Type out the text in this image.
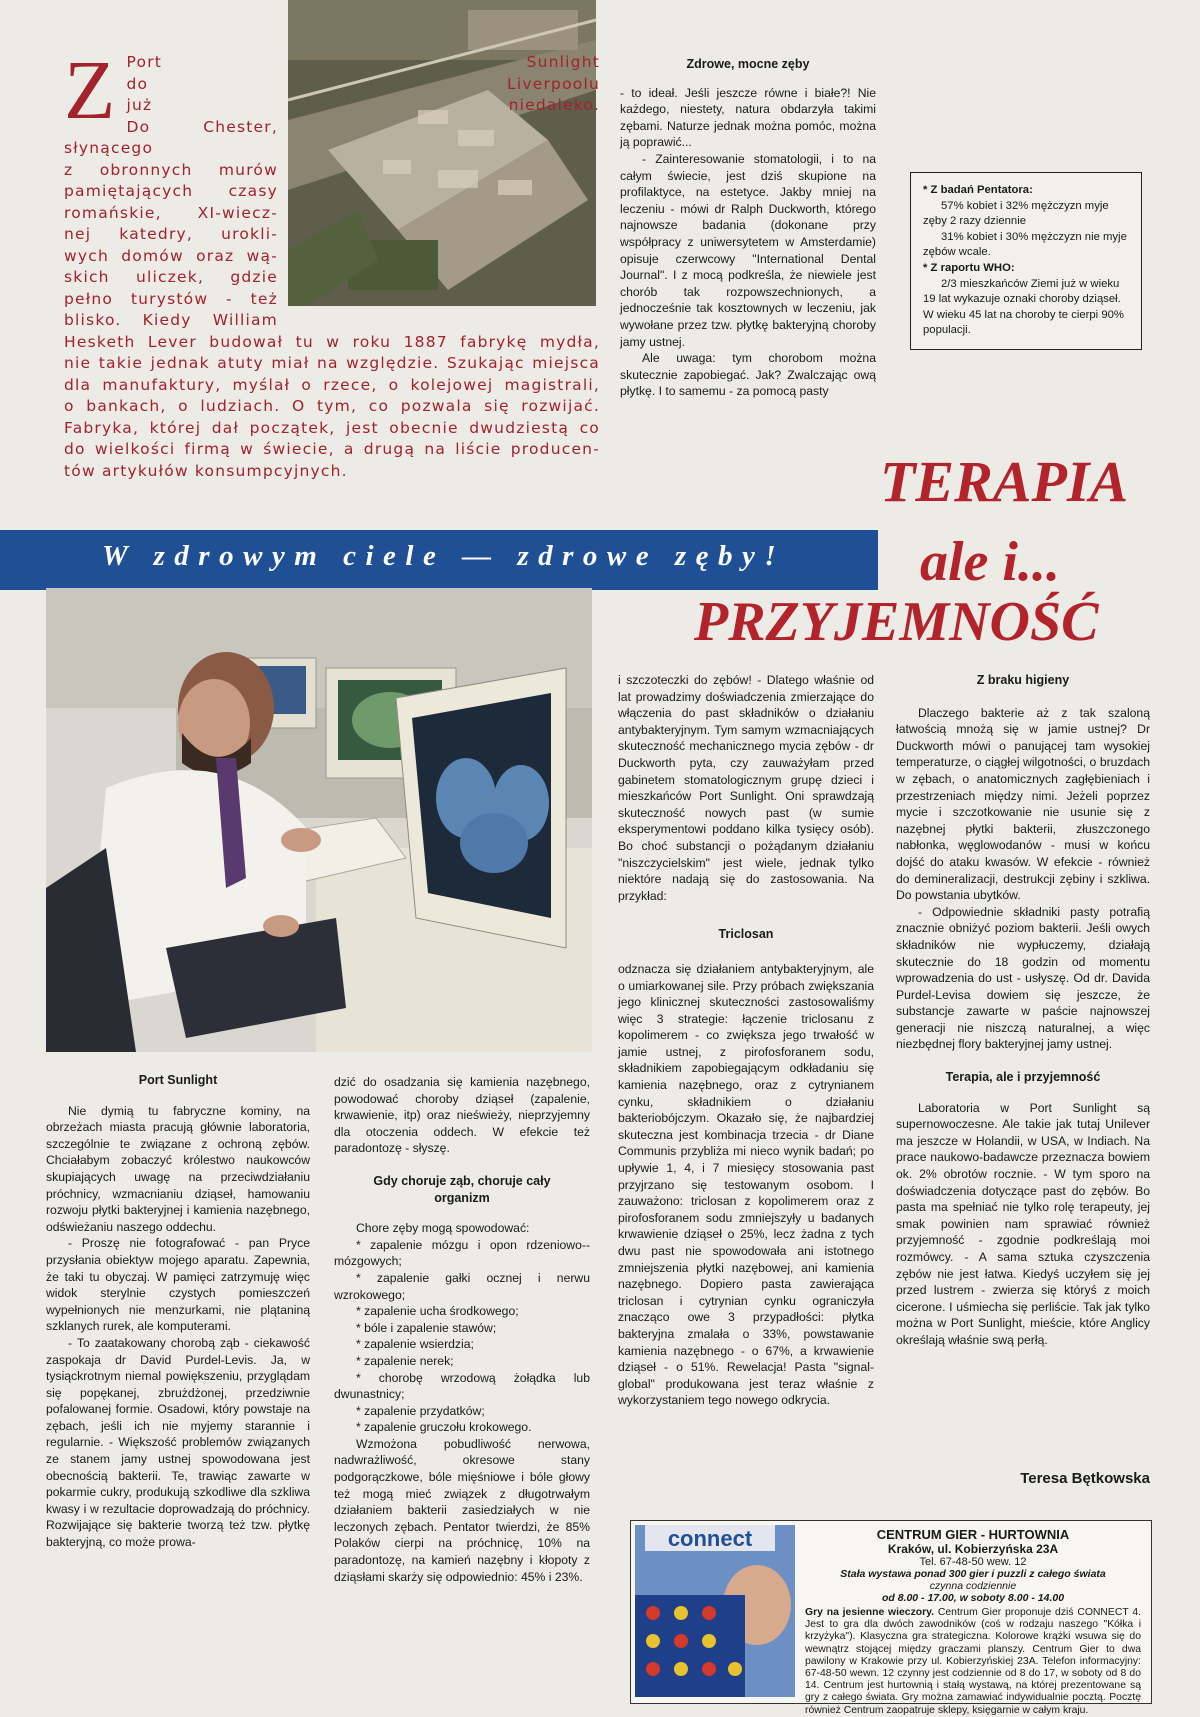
Z Port Sunlight
do Liverpoolu
już niedaleko.
Do Chester, słynącego
z obronnych murów
pamiętających czasy
romańskie, XI-wiecz-
nej katedry, urokli-
wych domów oraz wą-
skich uliczek, gdzie
pełno turystów - też
blisko. Kiedy William
Hesketh Lever budował tu w roku 1887 fabrykę mydła,
nie takie jednak atuty miał na względzie. Szukając miejsca
dla manufaktury, myślał o rzece, o kolejowej magistrali,
o bankach, o ludziach. O tym, co pozwala się rozwijać.
Fabryka, której dał początek, jest obecnie dwudziestą co
do wielkości firmą w świecie, a drugą na liście producen-
tów artykułów konsumpcyjnych.

Zdrowe, mocne zęby

- to ideał. Jeśli jeszcze równe i białe?! Nie każdego, niestety, natura obdarzyła takimi zębami. Naturze jednak można pomóc, można ją poprawić...

- Zainteresowanie stomatologii, i to na całym świecie, jest dziś skupione na profilaktyce, na estetyce. Jakby mniej na leczeniu - mówi dr Ralph Duckworth, którego najnowsze badania (dokonane przy współpracy z uniwersytetem w Amsterdamie) opisuje czerwcowy "International Dental Journal". I z mocą podkreśla, że niewiele jest chorób tak rozpowszechnionych, a jednocześnie tak kosztownych w leczeniu, jak wywołane przez tzw. płytkę bakteryjną choroby jamy ustnej.

Ale uwaga: tym chorobom można skutecznie zapobiegać. Jak? Zwalczając ową płytkę. I to samemu - za pomocą pasty

* Z badań Pentatora:
57% kobiet i 32% mężczyzn myje zęby 2 razy dziennie
31% kobiet i 30% mężczyzn nie myje zębów wcale.
* Z raportu WHO:
2/3 mieszkańców Ziemi już w wieku 19 lat wykazuje oznaki choroby dziąseł. W wieku 45 lat na choroby te cierpi 90% populacji.
TERAPIA
ale i...
PRZYJEMNOŚĆ
W zdrowym ciele — zdrowe zęby!

Port Sunlight

Nie dymią tu fabryczne kominy, na obrzeżach miasta pracują głównie laboratoria, szczególnie te związane z ochroną zębów. Chciałabym zobaczyć królestwo naukowców skupiających uwagę na przeciwdziałaniu próchnicy, wzmacnianiu dziąseł, hamowaniu rozwoju płytki bakteryjnej i kamienia nazębnego, odświeżaniu naszego oddechu.

- Proszę nie fotografować - pan Pryce przysłania obiektyw mojego aparatu. Zapewnia, że taki tu obyczaj. W pamięci zatrzymuję więc widok sterylnie czystych pomieszczeń wypełnionych nie menzurkami, nie plątaniną szklanych rurek, ale komputerami.

- To zaatakowany chorobą ząb - ciekawość zaspokaja dr David Purdel-Levis. Ja, w tysiąckrotnym niemal powiększeniu, przyglądam się popękanej, zbrużdżonej, przedziwnie pofalowanej formie. Osadowi, który powstaje na zębach, jeśli ich nie myjemy starannie i regularnie. - Większość problemów związanych ze stanem jamy ustnej spowodowana jest obecnością bakterii. Te, trawiąc zawarte w pokarmie cukry, produkują szkodliwe dla szkliwa kwasy i w rezultacie doprowadzają do próchnicy. Rozwijające się bakterie tworzą też tzw. płytkę bakteryjną, co może prowa-

dzić do osadzania się kamienia nazębnego, powodować choroby dziąseł (zapalenie, krwawienie, itp) oraz nieświeży, nieprzyjemny dla otoczenia oddech. W efekcie też paradontozę - słyszę.

Gdy choruje ząb, choruje cały organizm

Chore zęby mogą spowodować:

* zapalenie mózgu i opon rdzeniowo--mózgowych;

* zapalenie gałki ocznej i nerwu wzrokowego;

* zapalenie ucha środkowego;

* bóle i zapalenie stawów;

* zapalenie wsierdzia;

* zapalenie nerek;

* chorobę wrzodową żołądka lub dwunastnicy;

* zapalenie przydatków;

* zapalenie gruczołu krokowego.

Wzmożona pobudliwość nerwowa, nadwrażliwość, okresowe stany podgorączkowe, bóle mięśniowe i bóle głowy też mogą mieć związek z długotrwałym działaniem bakterii zasiedziałych w nie leczonych zębach. Pentator twierdzi, że 85% Polaków cierpi na próchnicę, 10% na paradontozę, na kamień nazębny i kłopoty z dziąsłami skarży się odpowiednio: 45% i 23%.

i szczoteczki do zębów! - Dlatego właśnie od lat prowadzimy doświadczenia zmierzające do włączenia do past składników o działaniu antybakteryjnym. Tym samym wzmacniających skuteczność mechanicznego mycia zębów - dr Duckworth pyta, czy zauważyłam przed gabinetem stomatologicznym grupę dzieci i mieszkańców Port Sunlight. Oni sprawdzają skuteczność nowych past (w sumie eksperymentowi poddano kilka tysięcy osób). Bo choć substancji o pożądanym działaniu "niszczycielskim" jest wiele, jednak tylko niektóre nadają się do zastosowania. Na przykład:

Triclosan

odznacza się działaniem antybakteryjnym, ale o umiarkowanej sile. Przy próbach zwiększania jego klinicznej skuteczności zastosowaliśmy więc 3 strategie: łączenie triclosanu z kopolimerem - co zwiększa jego trwałość w jamie ustnej, z pirofosforanem sodu, składnikiem zapobiegającym odkładaniu się kamienia nazębnego, oraz z cytrynianem cynku, składnikiem o działaniu bakteriobójczym. Okazało się, że najbardziej skuteczna jest kombinacja trzecia - dr Diane Communis przybliża mi nieco wynik badań; po upływie 1, 4, i 7 miesięcy stosowania past przyjrzano się testowanym osobom. I zauważono: triclosan z kopolimerem oraz z pirofosforanem sodu zmniejszyły u badanych krwawienie dziąseł o 25%, lecz żadna z tych dwu past nie spowodowała ani istotnego zmniejszenia płytki nazębowej, ani kamienia nazębnego. Dopiero pasta zawierająca triclosan i cytrynian cynku ograniczyła znacząco owe 3 przypadłości: płytka bakteryjna zmalała o 33%, powstawanie kamienia nazębnego - o 67%, a krwawienie dziąseł - o 51%. Rewelacja! Pasta "signal-global" produkowana jest teraz właśnie z wykorzystaniem tego nowego odkrycia.

Z braku higieny

Dlaczego bakterie aż z tak szaloną łatwością mnożą się w jamie ustnej? Dr Duckworth mówi o panującej tam wysokiej temperaturze, o ciągłej wilgotności, o bruzdach w zębach, o anatomicznych zagłębieniach i przestrzeniach między nimi. Jeżeli poprzez mycie i szczotkowanie nie usunie się z nazębnej płytki bakterii, złuszczonego nabłonka, węglowodanów - musi w końcu dojść do ataku kwasów. W efekcie - również do demineralizacji, destrukcji zębiny i szkliwa. Do powstania ubytków.

- Odpowiednie składniki pasty potrafią znacznie obniżyć poziom bakterii. Jeśli owych składników nie wypłuczemy, działają skutecznie do 18 godzin od momentu wprowadzenia do ust - usłyszę. Od dr. Davida Purdel-Levisa dowiem się jeszcze, że substancje zawarte w paście najnowszej generacji nie niszczą naturalnej, a więc niezbędnej flory bakteryjnej jamy ustnej.

Terapia, ale i przyjemność

Laboratoria w Port Sunlight są supernowoczesne. Ale takie jak tutaj Unilever ma jeszcze w Holandii, w USA, w Indiach. Na prace naukowo-badawcze przeznacza bowiem ok. 2% obrotów rocznie. - W tym sporo na doświadczenia dotyczące past do zębów. Bo pasta ma spełniać nie tylko rolę terapeuty, jej smak powinien nam sprawiać również przyjemność - zgodnie podkreślają moi rozmówcy. - A sama sztuka czyszczenia zębów nie jest łatwa. Kiedyś uczyłem się jej przed lustrem - zwierza się któryś z moich cicerone. I uśmiecha się perliście. Tak jak tylko można w Port Sunlight, mieście, które Anglicy określają właśnie swą perłą.

Teresa Bętkowska
connect	CENTRUM GIER - HURTOWNIA
Kraków, ul. Kobierzyńska 23A
Tel. 67-48-50 wew. 12
Stała wystawa ponad 300 gier i puzzli z całego świata
czynna codziennie
od 8.00 - 17.00, w soboty 8.00 - 14.00
Gry na jesienne wieczory. Centrum Gier proponuje dziś CONNECT 4. Jest to gra dla dwóch zawodników (coś w rodzaju naszego "Kółka i krzyżyka"). Klasyczna gra strategiczna. Kolorowe krążki wsuwa się do wewnątrz stojącej między graczami planszy. Centrum Gier to dwa pawilony w Krakowie przy ul. Kobierzyńskiej 23A. Telefon informacyjny: 67-48-50 wewn. 12 czynny jest codziennie od 8 do 17, w soboty od 8 do 14. Centrum jest hurtownią i stałą wystawą, na której prezentowane są gry z całego świata. Gry można zamawiać indywidualnie pocztą. Pocztę również Centrum zaopatruje sklepy, księgarnie w całym kraju.
